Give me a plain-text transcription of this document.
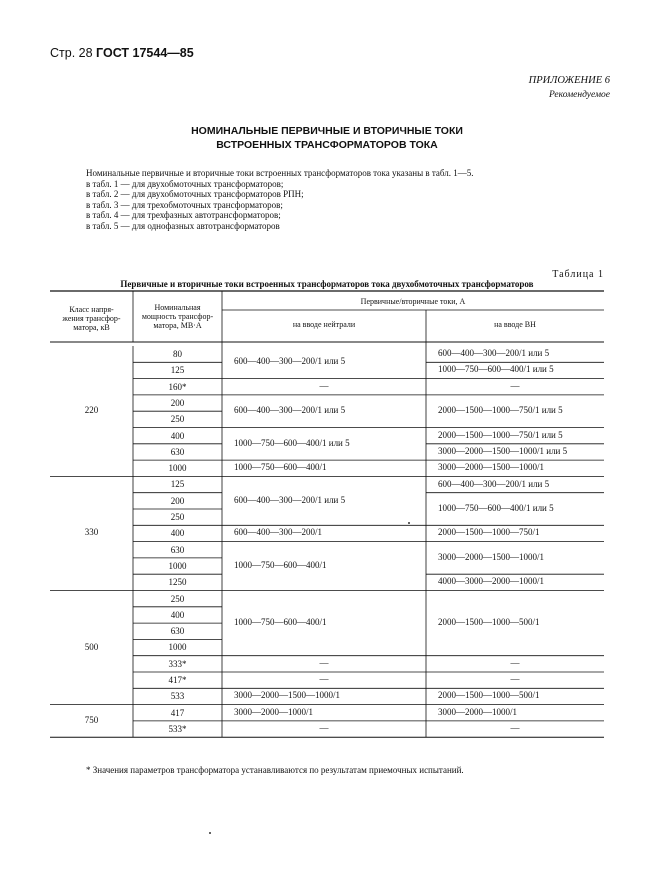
Стр. 28 ГОСТ 17544—85
ПРИЛОЖЕНИЕ 6
Рекомендуемое
НОМИНАЛЬНЫЕ ПЕРВИЧНЫЕ И ВТОРИЧНЫЕ ТОКИ
ВСТРОЕННЫХ ТРАНСФОРМАТОРОВ ТОКА
Номинальные первичные и вторичные токи встроенных трансформаторов тока указаны в табл. 1—5.
в табл. 1 — для двухобмоточных трансформаторов;
в табл. 2 — для двухобмоточных трансформаторов РПН;
в табл. 3 — для трехобмоточных трансформаторов;
в табл. 4 — для трехфазных автотрансформаторов;
в табл. 5 — для однофазных автотрансформаторов
Таблица 1
Первичные и вторичные токи встроенных трансформаторов тока двухобмоточных трансформаторов
Класс напря-
жения трансфор-
матора, кВ
Номинальная
мощность трансфор-
матора, МВ·А
Первичные/вторичные токи, А
на вводе нейтрали	на вводе ВН
220
330
500
750
80
125
160*
200
250
400
630
1000
125
200
250
400
630
1000
1250
250
400
630
1000
333*
417*
533
417
533*
600—400—300—200/1 или 5
—
600—400—300—200/1 или 5
1000—750—600—400/1 или 5
1000—750—600—400/1
600—400—300—200/1 или 5
600—400—300—200/1
1000—750—600—400/1
1000—750—600—400/1
—
—
3000—2000—1500—1000/1
3000—2000—1000/1
—
600—400—300—200/1 или 5
1000—750—600—400/1 или 5
—
2000—1500—1000—750/1 или 5
2000—1500—1000—750/1 или 5
3000—2000—1500—1000/1 или 5
3000—2000—1500—1000/1
600—400—300—200/1 или 5
1000—750—600—400/1 или 5
2000—1500—1000—750/1
3000—2000—1500—1000/1
4000—3000—2000—1000/1
2000—1500—1000—500/1
—
—
2000—1500—1000—500/1
3000—2000—1000/1
—
* Значения параметров трансформатора устанавливаются по результатам приемочных испытаний.
